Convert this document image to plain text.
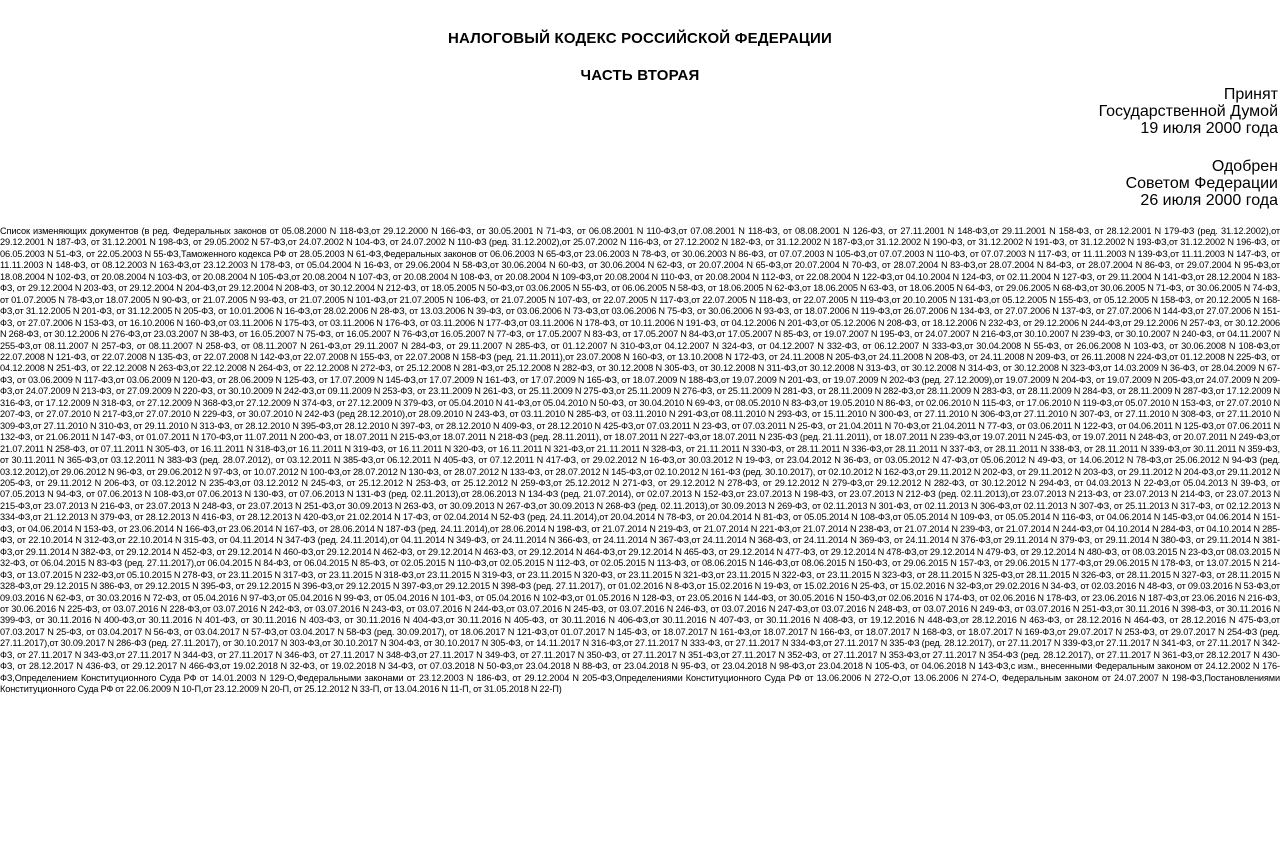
НАЛОГОВЫЙ КОДЕКС РОССИЙСКОЙ ФЕДЕРАЦИИ
ЧАСТЬ ВТОРАЯ
Принят
Государственной Думой
19 июля 2000 года
Одобрен
Советом Федерации
26 июля 2000 года
Список изменяющих документов (в ред. Федеральных законов от 05.08.2000 N 118-ФЗ,от 29.12.2000 N 166-ФЗ, от 30.05.2001 N 71-ФЗ, от 06.08.2001 N 110-ФЗ,от 07.08.2001 N 118-ФЗ, от 08.08.2001 N 126-ФЗ, от 27.11.2001 N 148-ФЗ,от 29.11.2001 N 158-ФЗ, от 28.12.2001 N 179-ФЗ (ред. 31.12.2002),от 29.12.2001 N 187-ФЗ, от 31.12.2001 N 198-ФЗ, от 29.05.2002 N 57-ФЗ,от 24.07.2002 N 104-ФЗ, от 24.07.2002 N 110-ФЗ (ред. 31.12.2002),от 25.07.2002 N 116-ФЗ, от 27.12.2002 N 182-ФЗ, от 31.12.2002 N 187-ФЗ,от 31.12.2002 N 190-ФЗ, от 31.12.2002 N 191-ФЗ, от 31.12.2002 N 193-ФЗ,от 31.12.2002 N 196-ФЗ, от 06.05.2003 N 51-ФЗ, от 22.05.2003 N 55-ФЗ,Таможенного кодекса РФ от 28.05.2003 N 61-ФЗ,Федеральных законов от 06.06.2003 N 65-ФЗ,от 23.06.2003 N 78-ФЗ, от 30.06.2003 N 86-ФЗ, от 07.07.2003 N 105-ФЗ,от 07.07.2003 N 110-ФЗ, от 07.07.2003 N 117-ФЗ, от 11.11.2003 N 139-ФЗ,от 11.11.2003 N 147-ФЗ, от 11.11.2003 N 148-ФЗ, от 08.12.2003 N 163-ФЗ,от 23.12.2003 N 178-ФЗ, от 05.04.2004 N 16-ФЗ, от 29.06.2004 N 58-ФЗ,от 30.06.2004 N 60-ФЗ, от 30.06.2004 N 62-ФЗ, от 20.07.2004 N 65-ФЗ,от 20.07.2004 N 70-ФЗ, от 28.07.2004 N 83-ФЗ,от 28.07.2004 N 84-ФЗ, от 28.07.2004 N 86-ФЗ, от 29.07.2004 N 95-ФЗ,от 18.08.2004 N 102-ФЗ, от 20.08.2004 N 103-ФЗ, от 20.08.2004 N 105-ФЗ,от 20.08.2004 N 107-ФЗ, от 20.08.2004 N 108-ФЗ, от 20.08.2004 N 109-ФЗ,от 20.08.2004 N 110-ФЗ, от 20.08.2004 N 112-ФЗ, от 22.08.2004 N 122-ФЗ,от 04.10.2004 N 124-ФЗ, от 02.11.2004 N 127-ФЗ, от 29.11.2004 N 141-ФЗ,от 28.12.2004 N 183-ФЗ, от 29.12.2004 N 203-ФЗ, от 29.12.2004 N 204-ФЗ,от 29.12.2004 N 208-ФЗ, от 30.12.2004 N 212-ФЗ, от 18.05.2005 N 50-ФЗ,от 03.06.2005 N 55-ФЗ, от 06.06.2005 N 58-ФЗ, от 18.06.2005 N 62-ФЗ,от 18.06.2005 N 63-ФЗ, от 18.06.2005 N 64-ФЗ, от 29.06.2005 N 68-ФЗ,от 30.06.2005 N 71-ФЗ, от 30.06.2005 N 74-ФЗ, от 01.07.2005 N 78-ФЗ,от 18.07.2005 N 90-ФЗ, от 21.07.2005 N 93-ФЗ, от 21.07.2005 N 101-ФЗ,от 21.07.2005 N 106-ФЗ, от 21.07.2005 N 107-ФЗ, от 22.07.2005 N 117-ФЗ,от 22.07.2005 N 118-ФЗ, от 22.07.2005 N 119-ФЗ,от 20.10.2005 N 131-ФЗ,от 05.12.2005 N 155-ФЗ, от 05.12.2005 N 158-ФЗ, от 20.12.2005 N 168-ФЗ,от 31.12.2005 N 201-ФЗ, от 31.12.2005 N 205-ФЗ, от 10.01.2006 N 16-ФЗ,от 28.02.2006 N 28-ФЗ, от 13.03.2006 N 39-ФЗ, от 03.06.2006 N 73-ФЗ,от 03.06.2006 N 75-ФЗ, от 30.06.2006 N 93-ФЗ, от 18.07.2006 N 119-ФЗ,от 26.07.2006 N 134-ФЗ, от 27.07.2006 N 137-ФЗ, от 27.07.2006 N 144-ФЗ,от 27.07.2006 N 151-ФЗ, от 27.07.2006 N 153-ФЗ, от 16.10.2006 N 160-ФЗ,от 03.11.2006 N 175-ФЗ, от 03.11.2006 N 176-ФЗ, от 03.11.2006 N 177-ФЗ,от 03.11.2006 N 178-ФЗ, от 10.11.2006 N 191-ФЗ, от 04.12.2006 N 201-ФЗ,от 05.12.2006 N 208-ФЗ, от 18.12.2006 N 232-ФЗ, от 29.12.2006 N 244-ФЗ,от 29.12.2006 N 257-ФЗ, от 30.12.2006 N 268-ФЗ, от 30.12.2006 N 276-ФЗ,от 23.03.2007 N 38-ФЗ, от 16.05.2007 N 75-ФЗ, от 16.05.2007 N 76-ФЗ,от 16.05.2007 N 77-ФЗ, от 17.05.2007 N 83-ФЗ, от 17.05.2007 N 84-ФЗ,от 17.05.2007 N 85-ФЗ, от 19.07.2007 N 195-ФЗ, от 24.07.2007 N 216-ФЗ,от 30.10.2007 N 239-ФЗ, от 30.10.2007 N 240-ФЗ, от 04.11.2007 N 255-ФЗ,от 08.11.2007 N 257-ФЗ, от 08.11.2007 N 258-ФЗ, от 08.11.2007 N 261-ФЗ,от 29.11.2007 N 284-ФЗ, от 29.11.2007 N 285-ФЗ, от 01.12.2007 N 310-ФЗ,от 04.12.2007 N 324-ФЗ, от 04.12.2007 N 332-ФЗ, от 06.12.2007 N 333-ФЗ,от 30.04.2008 N 55-ФЗ, от 26.06.2008 N 103-ФЗ, от 30.06.2008 N 108-ФЗ,от 22.07.2008 N 121-ФЗ, от 22.07.2008 N 135-ФЗ, от 22.07.2008 N 142-ФЗ,от 22.07.2008 N 155-ФЗ, от 22.07.2008 N 158-ФЗ (ред. 21.11.2011),от 23.07.2008 N 160-ФЗ, от 13.10.2008 N 172-ФЗ, от 24.11.2008 N 205-ФЗ,от 24.11.2008 N 208-ФЗ, от 24.11.2008 N 209-ФЗ, от 26.11.2008 N 224-ФЗ,от 01.12.2008 N 225-ФЗ, от 04.12.2008 N 251-ФЗ, от 22.12.2008 N 263-ФЗ,от 22.12.2008 N 264-ФЗ, от 22.12.2008 N 272-ФЗ, от 25.12.2008 N 281-ФЗ,от 25.12.2008 N 282-ФЗ, от 30.12.2008 N 305-ФЗ, от 30.12.2008 N 311-ФЗ,от 30.12.2008 N 313-ФЗ, от 30.12.2008 N 314-ФЗ, от 30.12.2008 N 323-ФЗ,от 14.03.2009 N 36-ФЗ, от 28.04.2009 N 67-ФЗ, от 03.06.2009 N 117-ФЗ,от 03.06.2009 N 120-ФЗ, от 28.06.2009 N 125-ФЗ, от 17.07.2009 N 145-ФЗ,от 17.07.2009 N 161-ФЗ, от 17.07.2009 N 165-ФЗ, от 18.07.2009 N 188-ФЗ,от 19.07.2009 N 201-ФЗ, от 19.07.2009 N 202-ФЗ (ред. 27.12.2009),от 19.07.2009 N 204-ФЗ, от 19.07.2009 N 205-ФЗ,от 24.07.2009 N 209-ФЗ,от 24.07.2009 N 213-ФЗ, от 27.09.2009 N 220-ФЗ, от 30.10.2009 N 242-ФЗ,от 09.11.2009 N 253-ФЗ, от 23.11.2009 N 261-ФЗ, от 25.11.2009 N 275-ФЗ,от 25.11.2009 N 276-ФЗ, от 25.11.2009 N 281-ФЗ, от 28.11.2009 N 282-ФЗ,от 28.11.2009 N 283-ФЗ, от 28.11.2009 N 284-ФЗ, от 28.11.2009 N 287-ФЗ,от 17.12.2009 N 316-ФЗ, от 17.12.2009 N 318-ФЗ, от 27.12.2009 N 368-ФЗ,от 27.12.2009 N 374-ФЗ, от 27.12.2009 N 379-ФЗ, от 05.04.2010 N 41-ФЗ,от 05.04.2010 N 50-ФЗ, от 30.04.2010 N 69-ФЗ, от 08.05.2010 N 83-ФЗ,от 19.05.2010 N 86-ФЗ, от 02.06.2010 N 115-ФЗ, от 17.06.2010 N 119-ФЗ,от 05.07.2010 N 153-ФЗ, от 27.07.2010 N 207-ФЗ, от 27.07.2010 N 217-ФЗ,от 27.07.2010 N 229-ФЗ, от 30.07.2010 N 242-ФЗ (ред 28.12.2010),от 28.09.2010 N 243-ФЗ, от 03.11.2010 N 285-ФЗ, от 03.11.2010 N 291-ФЗ,от 08.11.2010 N 293-ФЗ, от 15.11.2010 N 300-ФЗ, от 27.11.2010 N 306-ФЗ,от 27.11.2010 N 307-ФЗ, от 27.11.2010 N 308-ФЗ, от 27.11.2010 N 309-ФЗ,от 27.11.2010 N 310-ФЗ, от 29.11.2010 N 313-ФЗ, от 28.12.2010 N 395-ФЗ,от 28.12.2010 N 397-ФЗ, от 28.12.2010 N 409-ФЗ, от 28.12.2010 N 425-ФЗ,от 07.03.2011 N 23-ФЗ, от 07.03.2011 N 25-ФЗ, от 21.04.2011 N 70-ФЗ,от 21.04.2011 N 77-ФЗ, от 03.06.2011 N 122-ФЗ, от 04.06.2011 N 125-ФЗ,от 07.06.2011 N 132-ФЗ, от 21.06.2011 N 147-ФЗ, от 01.07.2011 N 170-ФЗ,от 11.07.2011 N 200-ФЗ, от 18.07.2011 N 215-ФЗ,от 18.07.2011 N 218-ФЗ (ред. 28.11.2011), от 18.07.2011 N 227-ФЗ,от 18.07.2011 N 235-ФЗ (ред. 21.11.2011), от 18.07.2011 N 239-ФЗ,от 19.07.2011 N 245-ФЗ, от 19.07.2011 N 248-ФЗ, от 20.07.2011 N 249-ФЗ,от 21.07.2011 N 258-ФЗ, от 07.11.2011 N 305-ФЗ, от 16.11.2011 N 318-ФЗ,от 16.11.2011 N 319-ФЗ, от 16.11.2011 N 320-ФЗ, от 16.11.2011 N 321-ФЗ,от 21.11.2011 N 328-ФЗ, от 21.11.2011 N 330-ФЗ, от 28.11.2011 N 336-ФЗ,от 28.11.2011 N 337-ФЗ, от 28.11.2011 N 338-ФЗ, от 28.11.2011 N 339-ФЗ,от 30.11.2011 N 359-ФЗ, от 30.11.2011 N 365-ФЗ,от 03.12.2011 N 383-ФЗ (ред. 28.07.2012), от 03.12.2011 N 385-ФЗ,от 06.12.2011 N 405-ФЗ, от 07.12.2011 N 417-ФЗ, от 29.02.2012 N 16-ФЗ,от 30.03.2012 N 19-ФЗ, от 23.04.2012 N 36-ФЗ, от 03.05.2012 N 47-ФЗ,от 05.06.2012 N 49-ФЗ, от 14.06.2012 N 78-ФЗ,от 25.06.2012 N 94-ФЗ (ред. 03.12.2012),от 29.06.2012 N 96-ФЗ, от 29.06.2012 N 97-ФЗ, от 10.07.2012 N 100-ФЗ,от 28.07.2012 N 130-ФЗ, от 28.07.2012 N 133-ФЗ, от 28.07.2012 N 145-ФЗ,от 02.10.2012 N 161-ФЗ (ред. 30.10.2017), от 02.10.2012 N 162-ФЗ,от 29.11.2012 N 202-ФЗ, от 29.11.2012 N 203-ФЗ, от 29.11.2012 N 204-ФЗ,от 29.11.2012 N 205-ФЗ, от 29.11.2012 N 206-ФЗ, от 03.12.2012 N 235-ФЗ,от 03.12.2012 N 245-ФЗ, от 25.12.2012 N 253-ФЗ, от 25.12.2012 N 259-ФЗ,от 25.12.2012 N 271-ФЗ, от 29.12.2012 N 278-ФЗ, от 29.12.2012 N 279-ФЗ,от 29.12.2012 N 282-ФЗ, от 30.12.2012 N 294-ФЗ, от 04.03.2013 N 22-ФЗ,от 05.04.2013 N 39-ФЗ, от 07.05.2013 N 94-ФЗ, от 07.06.2013 N 108-ФЗ,от 07.06.2013 N 130-ФЗ, от 07.06.2013 N 131-ФЗ (ред. 02.11.2013),от 28.06.2013 N 134-ФЗ (ред. 21.07.2014), от 02.07.2013 N 152-ФЗ,от 23.07.2013 N 198-ФЗ, от 23.07.2013 N 212-ФЗ (ред. 02.11.2013),от 23.07.2013 N 213-ФЗ, от 23.07.2013 N 214-ФЗ, от 23.07.2013 N 215-ФЗ,от 23.07.2013 N 216-ФЗ, от 23.07.2013 N 248-ФЗ, от 23.07.2013 N 251-ФЗ,от 30.09.2013 N 263-ФЗ, от 30.09.2013 N 267-ФЗ,от 30.09.2013 N 268-ФЗ (ред. 02.11.2013),от 30.09.2013 N 269-ФЗ, от 02.11.2013 N 301-ФЗ, от 02.11.2013 N 306-ФЗ,от 02.11.2013 N 307-ФЗ, от 25.11.2013 N 317-ФЗ, от 02.12.2013 N 334-ФЗ,от 21.12.2013 N 379-ФЗ, от 28.12.2013 N 416-ФЗ, от 28.12.2013 N 420-ФЗ,от 21.02.2014 N 17-ФЗ, от 02.04.2014 N 52-ФЗ (ред. 24.11.2014),от 20.04.2014 N 78-ФЗ, от 20.04.2014 N 81-ФЗ, от 05.05.2014 N 108-ФЗ,от 05.05.2014 N 109-ФЗ, от 05.05.2014 N 116-ФЗ, от 04.06.2014 N 145-ФЗ,от 04.06.2014 N 151-ФЗ, от 04.06.2014 N 153-ФЗ, от 23.06.2014 N 166-ФЗ,от 23.06.2014 N 167-ФЗ, от 28.06.2014 N 187-ФЗ (ред. 24.11.2014),от 28.06.2014 N 198-ФЗ, от 21.07.2014 N 219-ФЗ, от 21.07.2014 N 221-ФЗ,от 21.07.2014 N 238-ФЗ, от 21.07.2014 N 239-ФЗ, от 21.07.2014 N 244-ФЗ,от 04.10.2014 N 284-ФЗ, от 04.10.2014 N 285-ФЗ, от 22.10.2014 N 312-ФЗ,от 22.10.2014 N 315-ФЗ, от 04.11.2014 N 347-ФЗ (ред. 24.11.2014),от 04.11.2014 N 349-ФЗ, от 24.11.2014 N 366-ФЗ, от 24.11.2014 N 367-ФЗ,от 24.11.2014 N 368-ФЗ, от 24.11.2014 N 369-ФЗ, от 24.11.2014 N 376-ФЗ,от 29.11.2014 N 379-ФЗ, от 29.11.2014 N 380-ФЗ, от 29.11.2014 N 381-ФЗ,от 29.11.2014 N 382-ФЗ, от 29.12.2014 N 452-ФЗ, от 29.12.2014 N 460-ФЗ,от 29.12.2014 N 462-ФЗ, от 29.12.2014 N 463-ФЗ, от 29.12.2014 N 464-ФЗ,от 29.12.2014 N 465-ФЗ, от 29.12.2014 N 477-ФЗ, от 29.12.2014 N 478-ФЗ,от 29.12.2014 N 479-ФЗ, от 29.12.2014 N 480-ФЗ, от 08.03.2015 N 23-ФЗ,от 08.03.2015 N 32-ФЗ, от 06.04.2015 N 83-ФЗ (ред. 27.11.2017),от 06.04.2015 N 84-ФЗ, от 06.04.2015 N 85-ФЗ, от 02.05.2015 N 110-ФЗ,от 02.05.2015 N 112-ФЗ, от 02.05.2015 N 113-ФЗ, от 08.06.2015 N 146-ФЗ,от 08.06.2015 N 150-ФЗ, от 29.06.2015 N 157-ФЗ, от 29.06.2015 N 177-ФЗ,от 29.06.2015 N 178-ФЗ, от 13.07.2015 N 214-ФЗ, от 13.07.2015 N 232-ФЗ,от 05.10.2015 N 278-ФЗ, от 23.11.2015 N 317-ФЗ, от 23.11.2015 N 318-ФЗ,от 23.11.2015 N 319-ФЗ, от 23.11.2015 N 320-ФЗ, от 23.11.2015 N 321-ФЗ,от 23.11.2015 N 322-ФЗ, от 23.11.2015 N 323-ФЗ, от 28.11.2015 N 325-ФЗ,от 28.11.2015 N 326-ФЗ, от 28.11.2015 N 327-ФЗ, от 28.11.2015 N 328-ФЗ,от 29.12.2015 N 386-ФЗ, от 29.12.2015 N 395-ФЗ, от 29.12.2015 N 396-ФЗ,от 29.12.2015 N 397-ФЗ,от 29.12.2015 N 398-ФЗ (ред. 27.11.2017), от 01.02.2016 N 8-ФЗ,от 15.02.2016 N 19-ФЗ, от 15.02.2016 N 25-ФЗ, от 15.02.2016 N 32-ФЗ,от 29.02.2016 N 34-ФЗ, от 02.03.2016 N 48-ФЗ, от 09.03.2016 N 53-ФЗ,от 09.03.2016 N 62-ФЗ, от 30.03.2016 N 72-ФЗ, от 05.04.2016 N 97-ФЗ,от 05.04.2016 N 99-ФЗ, от 05.04.2016 N 101-ФЗ, от 05.04.2016 N 102-ФЗ,от 01.05.2016 N 128-ФЗ, от 23.05.2016 N 144-ФЗ, от 30.05.2016 N 150-ФЗ,от 02.06.2016 N 174-ФЗ, от 02.06.2016 N 178-ФЗ, от 23.06.2016 N 187-ФЗ,от 23.06.2016 N 216-ФЗ, от 30.06.2016 N 225-ФЗ, от 03.07.2016 N 228-ФЗ,от 03.07.2016 N 242-ФЗ, от 03.07.2016 N 243-ФЗ, от 03.07.2016 N 244-ФЗ,от 03.07.2016 N 245-ФЗ, от 03.07.2016 N 246-ФЗ, от 03.07.2016 N 247-ФЗ,от 03.07.2016 N 248-ФЗ, от 03.07.2016 N 249-ФЗ, от 03.07.2016 N 251-ФЗ,от 30.11.2016 N 398-ФЗ, от 30.11.2016 N 399-ФЗ, от 30.11.2016 N 400-ФЗ,от 30.11.2016 N 401-ФЗ, от 30.11.2016 N 403-ФЗ, от 30.11.2016 N 404-ФЗ,от 30.11.2016 N 405-ФЗ, от 30.11.2016 N 406-ФЗ,от 30.11.2016 N 407-ФЗ, от 30.11.2016 N 408-ФЗ, от 19.12.2016 N 448-ФЗ,от 28.12.2016 N 463-ФЗ, от 28.12.2016 N 464-ФЗ, от 28.12.2016 N 475-ФЗ,от 07.03.2017 N 25-ФЗ, от 03.04.2017 N 56-ФЗ, от 03.04.2017 N 57-ФЗ,от 03.04.2017 N 58-ФЗ (ред. 30.09.2017), от 18.06.2017 N 121-ФЗ,от 01.07.2017 N 145-ФЗ, от 18.07.2017 N 161-ФЗ,от 18.07.2017 N 166-ФЗ, от 18.07.2017 N 168-ФЗ, от 18.07.2017 N 169-ФЗ,от 29.07.2017 N 253-ФЗ, от 29.07.2017 N 254-ФЗ (ред. 27.11.2017),от 30.09.2017 N 286-ФЗ (ред. 27.11.2017), от 30.10.2017 N 303-ФЗ,от 30.10.2017 N 304-ФЗ, от 30.10.2017 N 305-ФЗ, от 14.11.2017 N 316-ФЗ,от 27.11.2017 N 333-ФЗ, от 27.11.2017 N 334-ФЗ,от 27.11.2017 N 335-ФЗ (ред. 28.12.2017), от 27.11.2017 N 339-ФЗ,от 27.11.2017 N 341-ФЗ, от 27.11.2017 N 342-ФЗ, от 27.11.2017 N 343-ФЗ,от 27.11.2017 N 344-ФЗ, от 27.11.2017 N 346-ФЗ, от 27.11.2017 N 348-ФЗ,от 27.11.2017 N 349-ФЗ, от 27.11.2017 N 350-ФЗ, от 27.11.2017 N 351-ФЗ,от 27.11.2017 N 352-ФЗ, от 27.11.2017 N 353-ФЗ,от 27.11.2017 N 354-ФЗ (ред. 28.12.2017), от 27.11.2017 N 361-ФЗ,от 28.12.2017 N 430-ФЗ, от 28.12.2017 N 436-ФЗ, от 29.12.2017 N 466-ФЗ,от 19.02.2018 N 32-ФЗ, от 19.02.2018 N 34-ФЗ, от 07.03.2018 N 50-ФЗ,от 23.04.2018 N 88-ФЗ, от 23.04.2018 N 95-ФЗ, от 23.04.2018 N 98-ФЗ,от 23.04.2018 N 105-ФЗ, от 04.06.2018 N 143-ФЗ,с изм., внесенными Федеральным законом от 24.12.2002 N 176-ФЗ,Определением Конституционного Суда РФ от 14.01.2003 N 129-О,Федеральными законами от 23.12.2003 N 186-ФЗ, от 29.12.2004 N 205-ФЗ,Определениями Конституционного Суда РФ от 13.06.2006 N 272-О,от 13.06.2006 N 274-О, Федеральным законом от 24.07.2007 N 198-ФЗ,Постановлениями Конституционного Суда РФ от 22.06.2009 N 10-П,от 23.12.2009 N 20-П, от 25.12.2012 N 33-П, от 13.04.2016 N 11-П, от 31.05.2018 N 22-П)
